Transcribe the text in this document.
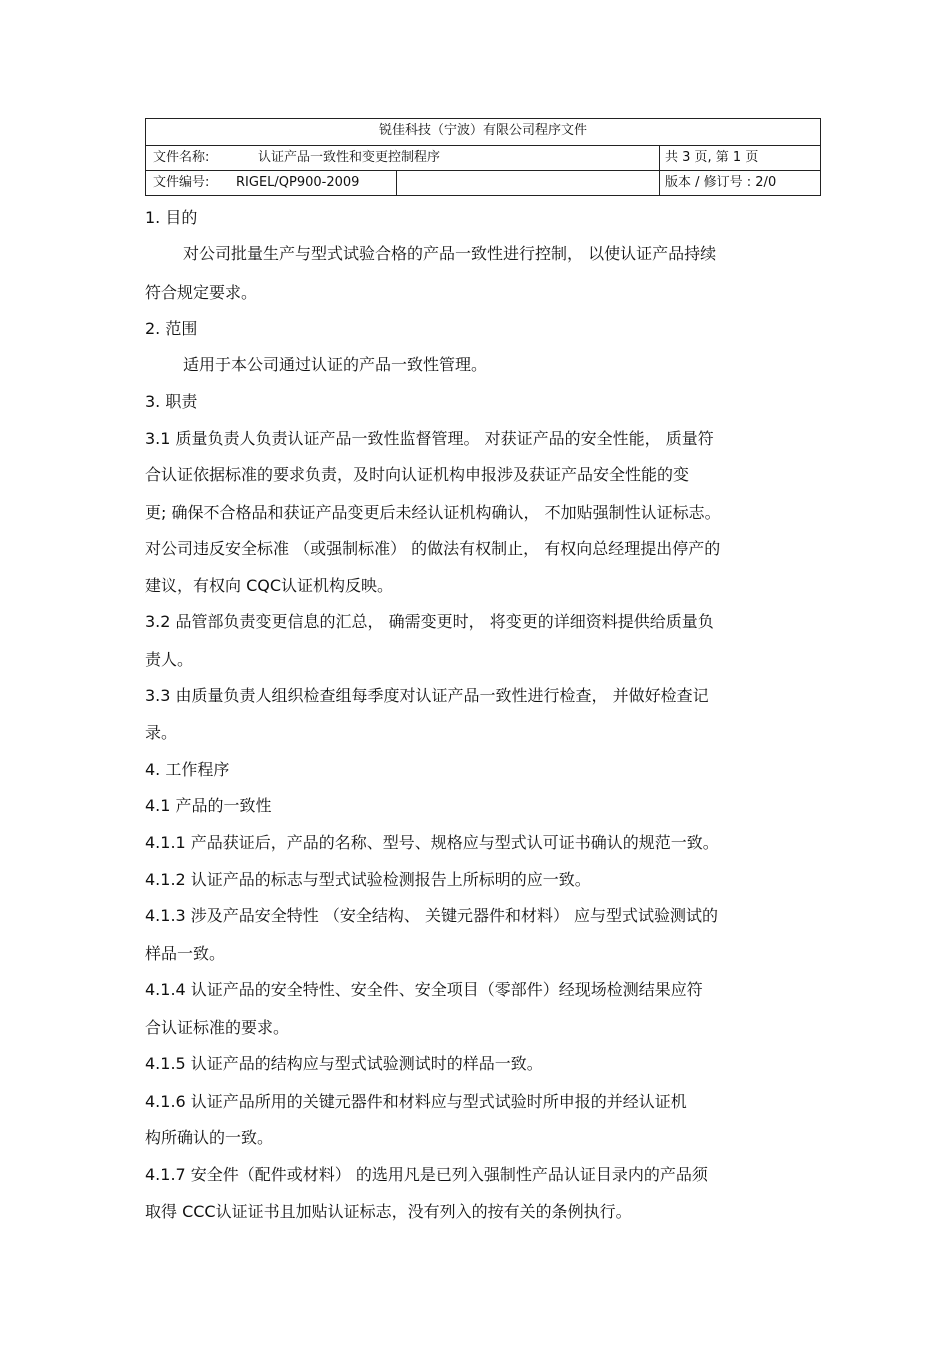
锐佳科技（宁波）有限公司程序文件
文件名称:	认证产品一致性和变更控制程序	共 3 页, 第 1 页
文件编号: RIGEL/QP900-2009	版本 / 修订号 : 2/0
1. 目的
对公司批量生产与型式试验合格的产品一致性进行控制， 以使认证产品持续
符合规定要求。
2. 范围
适用于本公司通过认证的产品一致性管理。
3. 职责
3.1 质量负责人负责认证产品一致性监督管理。 对获证产品的安全性能， 质量符
合认证依据标准的要求负责，及时向认证机构申报涉及获证产品安全性能的变
更; 确保不合格品和获证产品变更后未经认证机构确认， 不加贴强制性认证标志。
对公司违反安全标准 （或强制标准） 的做法有权制止， 有权向总经理提出停产的
建议，有权向 CQC认证机构反映。
3.2 品管部负责变更信息的汇总， 确需变更时， 将变更的详细资料提供给质量负
责人。
3.3 由质量负责人组织检查组每季度对认证产品一致性进行检查， 并做好检查记
录。
4. 工作程序
4.1 产品的一致性
4.1.1 产品获证后，产品的名称、型号、规格应与型式认可证书确认的规范一致。
4.1.2 认证产品的标志与型式试验检测报告上所标明的应一致。
4.1.3 涉及产品安全特性 （安全结构、 关键元器件和材料） 应与型式试验测试的
样品一致。
4.1.4 认证产品的安全特性、安全件、安全项目（零部件）经现场检测结果应符
合认证标准的要求。
4.1.5 认证产品的结构应与型式试验测试时的样品一致。
4.1.6 认证产品所用的关键元器件和材料应与型式试验时所申报的并经认证机
构所确认的一致。
4.1.7 安全件（配件或材料） 的选用凡是已列入强制性产品认证目录内的产品须
取得 CCC认证证书且加贴认证标志，没有列入的按有关的条例执行。
